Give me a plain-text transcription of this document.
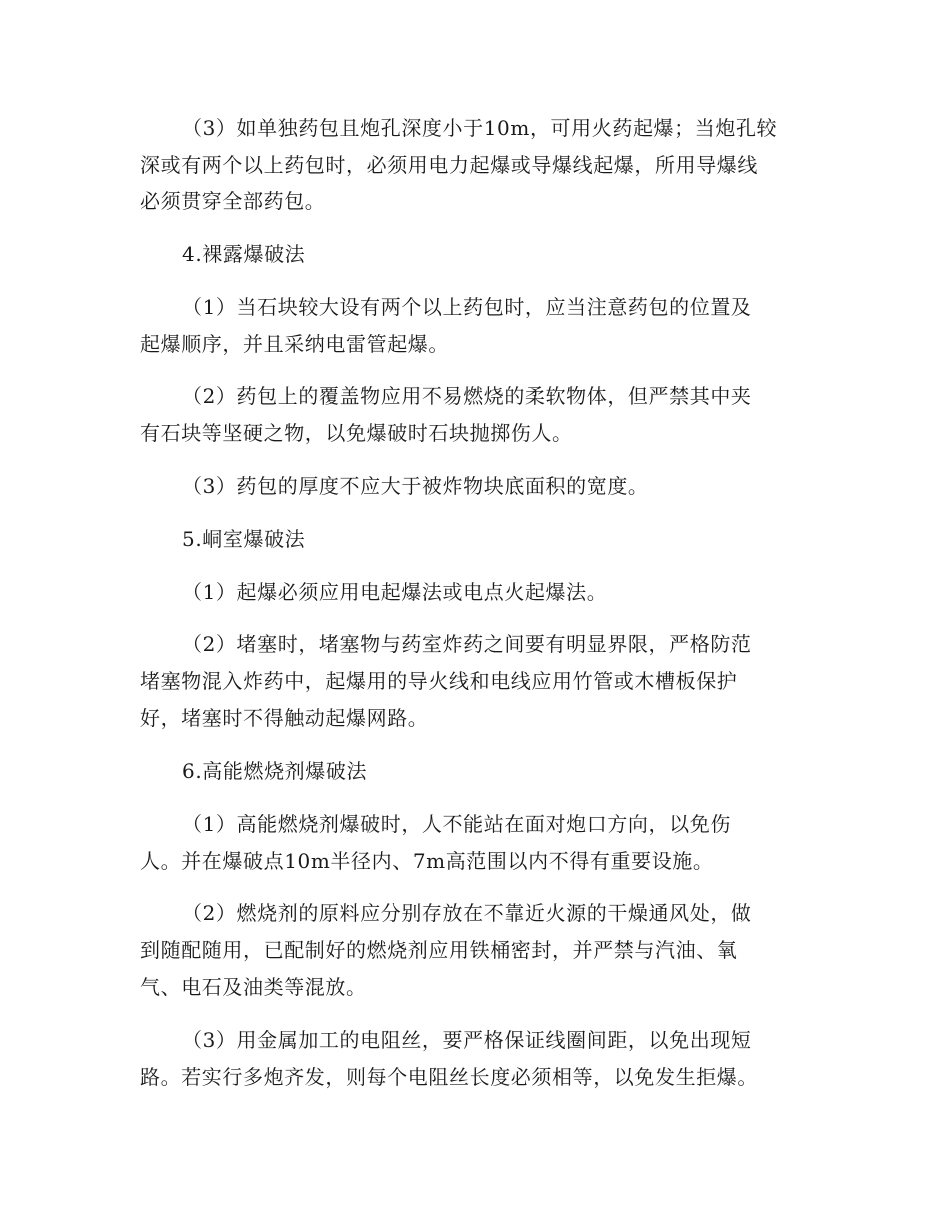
（3）如单独药包且炮孔深度小于10m，可用火药起爆；当炮孔较
深或有两个以上药包时，必须用电力起爆或导爆线起爆，所用导爆线
必须贯穿全部药包。
4.裸露爆破法
（1）当石块较大设有两个以上药包时，应当注意药包的位置及
起爆顺序，并且采纳电雷管起爆。
（2）药包上的覆盖物应用不易燃烧的柔软物体，但严禁其中夹
有石块等坚硬之物，以免爆破时石块抛掷伤人。
（3）药包的厚度不应大于被炸物块底面积的宽度。
5.峒室爆破法
（1）起爆必须应用电起爆法或电点火起爆法。
（2）堵塞时，堵塞物与药室炸药之间要有明显界限，严格防范
堵塞物混入炸药中，起爆用的导火线和电线应用竹管或木槽板保护
好，堵塞时不得触动起爆网路。
6.高能燃烧剂爆破法
（1）高能燃烧剂爆破时，人不能站在面对炮口方向，以免伤
人。并在爆破点10m半径内、7m高范围以内不得有重要设施。
（2）燃烧剂的原料应分别存放在不靠近火源的干燥通风处，做
到随配随用，已配制好的燃烧剂应用铁桶密封，并严禁与汽油、氧
气、电石及油类等混放。
（3）用金属加工的电阻丝，要严格保证线圈间距，以免出现短
路。若实行多炮齐发，则每个电阻丝长度必须相等，以免发生拒爆。
